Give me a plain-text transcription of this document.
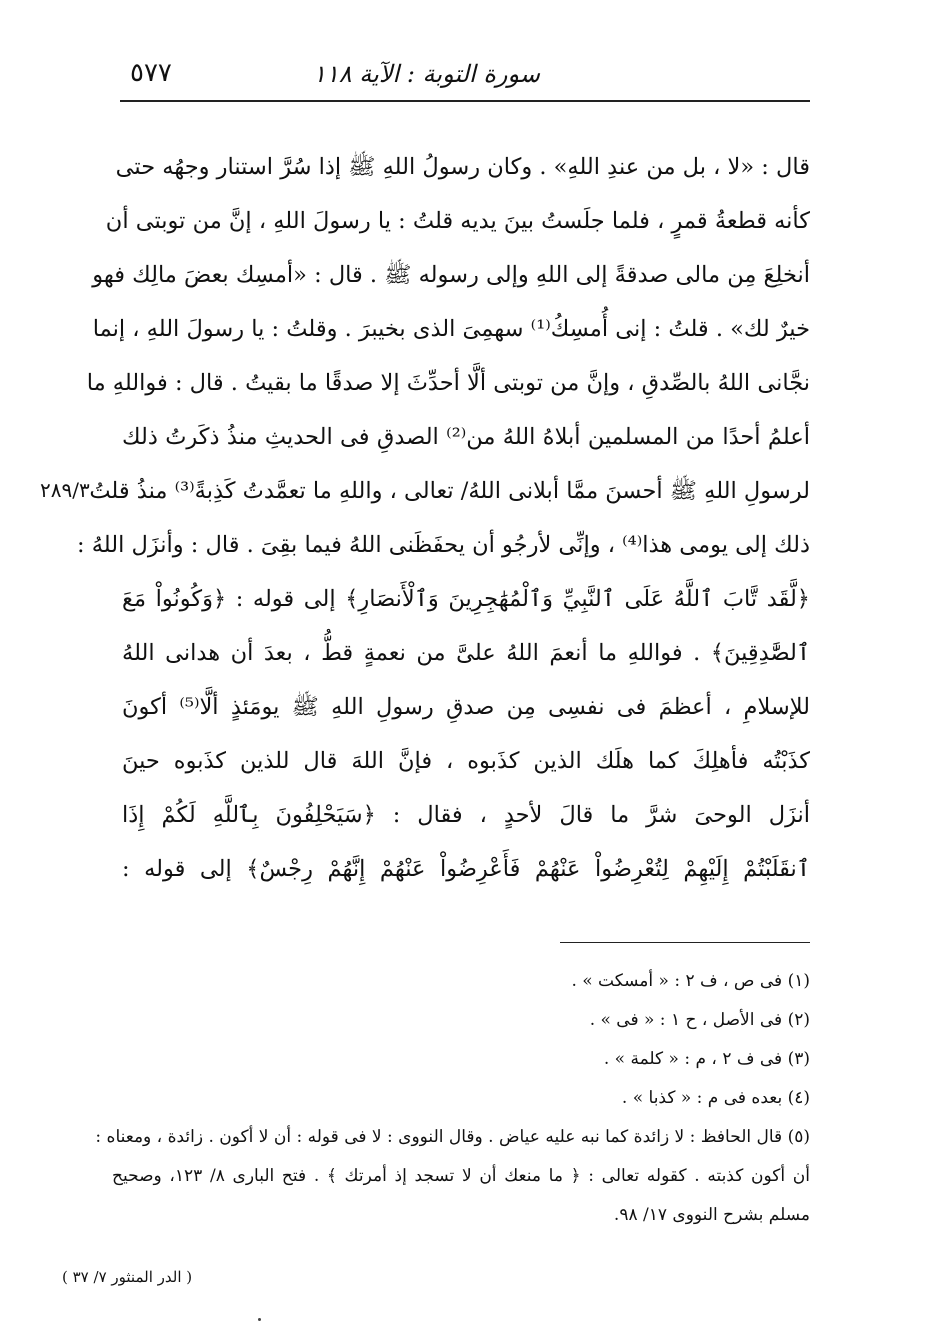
سورة التوبة : الآية ١١٨
٥٧٧
٢٨٩/٣
قال : «لا ، بل من عندِ اللهِ» . وكان رسولُ اللهِ ﷺ إذا سُرَّ استنار وجهُه حتى
كأنه قطعةُ قمرٍ ، فلما جلَستُ بينَ يديه قلتُ : يا رسولَ اللهِ ، إنَّ من توبتى أن
أنخلِعَ مِن مالى صدقةً إلى اللهِ وإلى رسوله ﷺ . قال : «أمسِك بعضَ مالِك فهو
خيرٌ لك» . قلتُ : إنى أُمسِكُ⁽¹⁾ سهمِىَ الذى بخيبرَ . وقلتُ : يا رسولَ اللهِ ، إنما
نجَّانى اللهُ بالصِّدقِ ، وإنَّ من توبتى ألَّا أحدِّثَ إلا صدقًا ما بقيتُ . قال : فواللهِ ما
أعلمُ أحدًا من المسلمين أبلاهُ اللهُ من⁽²⁾ الصدقِ فى الحديثِ منذُ ذكَرتُ ذلك
لرسولِ اللهِ ﷺ أحسنَ ممَّا أبلانى اللهُ/ تعالى ، واللهِ ما تعمَّدتُ كَذِبةً⁽³⁾ منذُ قلتُ
ذلك إلى يومى هذا⁽⁴⁾ ، وإنِّى لأرجُو أن يحفَظَنى اللهُ فيما بقِىَ . قال : وأنزَل اللهُ :
﴿لَّقَد تَّابَ ٱللَّهُ عَلَى ٱلنَّبِيِّ وَٱلْمُهَٰجِرِينَ وَٱلْأَنصَارِ﴾ إلى قوله : ﴿وَكُونُواْ مَعَ
ٱلصَّٰدِقِينَ﴾ . فواللهِ ما أنعمَ اللهُ علىَّ من نعمةٍ قطُّ ، بعدَ أن هدانى اللهُ
للإسلامِ ، أعظمَ فى نفسِى مِن صدقِ رسولِ اللهِ ﷺ يومَئذٍ ألَّا⁽⁵⁾ أكونَ
كذَبْتُه فأهلِكَ كما هلَك الذين كذَبوه ، فإنَّ اللهَ قال للذين كذَبوه حينَ
أنزَل الوحىَ شرَّ ما قالَ لأحدٍ ، فقال : ﴿سَيَحْلِفُونَ بِٱللَّهِ لَكُمْ إِذَا
ٱنقَلَبْتُمْ إِلَيْهِمْ لِتُعْرِضُواْ عَنْهُمْ فَأَعْرِضُواْ عَنْهُمْ إِنَّهُمْ رِجْسٌ﴾ إلى قوله :
(١) فى ص ، ف ٢ : « أمسكت » .
(٢) فى الأصل ، ح ١ : « فى » .
(٣) فى ف ٢ ، م : « كلمة » .
(٤) بعده فى م : « كذبا » .
(٥) قال الحافظ : لا زائدة كما نبه عليه عياض . وقال النووى : لا فى قوله : أن لا أكون . زائدة ، ومعناه :
أن أكون كذبته . كقوله تعالى : ﴿ ما منعك أن لا تسجد إذ أمرتك ﴾ . فتح البارى ٨/ ١٢٣، وصحيح
مسلم بشرح النووى ١٧/ ٩٨.
( الدر المنثور ٧/ ٣٧ )
